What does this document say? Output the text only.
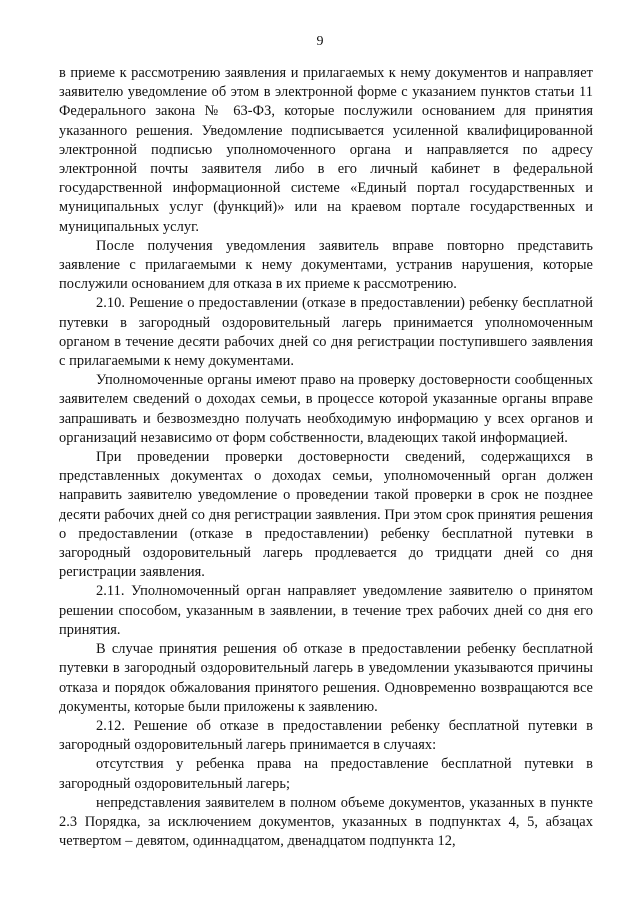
9

в приеме к рассмотрению заявления и прилагаемых к нему документов и направляет заявителю уведомление об этом в электронной форме с указанием пунктов статьи 11 Федерального закона № 63-ФЗ, которые послужили основанием для принятия указанного решения. Уведомление подписывается усиленной квалифицированной электронной подписью уполномоченного органа и направляется по адресу электронной почты заявителя либо в его личный кабинет в федеральной государственной информационной системе «Единый портал государственных и муниципальных услуг (функций)» или на краевом портале государственных и муниципальных услуг.

После получения уведомления заявитель вправе повторно представить заявление с прилагаемыми к нему документами, устранив нарушения, которые послужили основанием для отказа в их приеме к рассмотрению.

2.10. Решение о предоставлении (отказе в предоставлении) ребенку бесплатной путевки в загородный оздоровительный лагерь принимается уполномоченным органом в течение десяти рабочих дней со дня регистрации поступившего заявления с прилагаемыми к нему документами.

Уполномоченные органы имеют право на проверку достоверности сообщенных заявителем сведений о доходах семьи, в процессе которой указанные органы вправе запрашивать и безвозмездно получать необходимую информацию у всех органов и организаций независимо от форм собственности, владеющих такой информацией.

При проведении проверки достоверности сведений, содержащихся в представленных документах о доходах семьи, уполномоченный орган должен направить заявителю уведомление о проведении такой проверки в срок не позднее десяти рабочих дней со дня регистрации заявления. При этом срок принятия решения о предоставлении (отказе в предоставлении) ребенку бесплатной путевки в загородный оздоровительный лагерь продлевается до тридцати дней со дня регистрации заявления.

2.11. Уполномоченный орган направляет уведомление заявителю о принятом решении способом, указанным в заявлении, в течение трех рабочих дней со дня его принятия.

В случае принятия решения об отказе в предоставлении ребенку бесплатной путевки в загородный оздоровительный лагерь в уведомлении указываются причины отказа и порядок обжалования принятого решения. Одновременно возвращаются все документы, которые были приложены к заявлению.

2.12. Решение об отказе в предоставлении ребенку бесплатной путевки в загородный оздоровительный лагерь принимается в случаях:

отсутствия у ребенка права на предоставление бесплатной путевки в загородный оздоровительный лагерь;

непредставления заявителем в полном объеме документов, указанных в пункте 2.3 Порядка, за исключением документов, указанных в подпунктах 4, 5, абзацах четвертом – девятом, одиннадцатом, двенадцатом подпункта 12,
